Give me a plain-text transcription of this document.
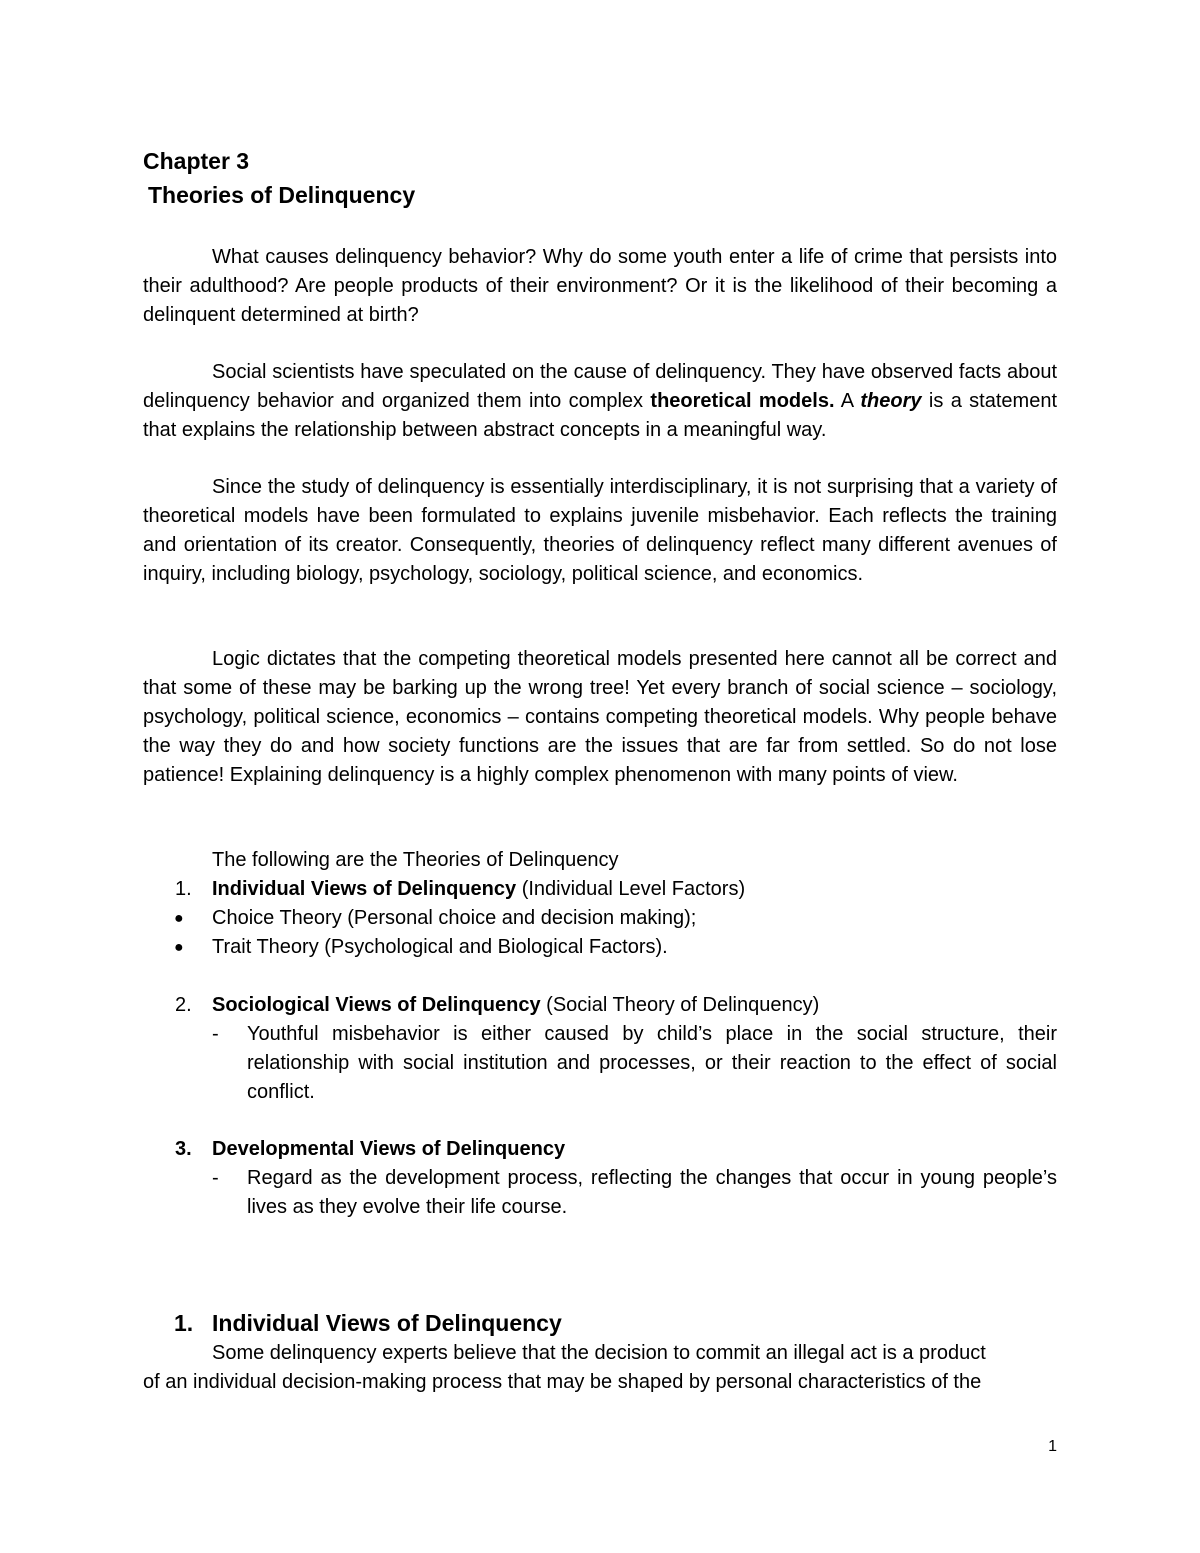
Chapter 3
Theories of Delinquency
What causes delinquency behavior? Why do some youth enter a life of crime that persists into their adulthood? Are people products of their environment? Or it is the likelihood of their becoming a delinquent determined at birth?
Social scientists have speculated on the cause of delinquency. They have observed facts about delinquency behavior and organized them into complex theoretical models. A theory is a statement that explains the relationship between abstract concepts in a meaningful way.
Since the study of delinquency is essentially interdisciplinary, it is not surprising that a variety of theoretical models have been formulated to explains juvenile misbehavior. Each reflects the training and orientation of its creator. Consequently, theories of delinquency reflect many different avenues of inquiry, including biology, psychology, sociology, political science, and economics.
Logic dictates that the competing theoretical models presented here cannot all be correct and that some of these may be barking up the wrong tree! Yet every branch of social science – sociology, psychology, political science, economics – contains competing theoretical models. Why people behave the way they do and how society functions are the issues that are far from settled. So do not lose patience! Explaining delinquency is a highly complex phenomenon with many points of view.
The following are the Theories of Delinquency
1. Individual Views of Delinquency (Individual Level Factors)
● Choice Theory (Personal choice and decision making);
● Trait Theory (Psychological and Biological Factors).
2. Sociological Views of Delinquency (Social Theory of Delinquency)
- Youthful misbehavior is either caused by child’s place in the social structure, their relationship with social institution and processes, or their reaction to the effect of social conflict.
3. Developmental Views of Delinquency
- Regard as the development process, reflecting the changes that occur in young people’s lives as they evolve their life course.
1. Individual Views of Delinquency
Some delinquency experts believe that the decision to commit an illegal act is a product
of an individual decision-making process that may be shaped by personal characteristics of the
1
